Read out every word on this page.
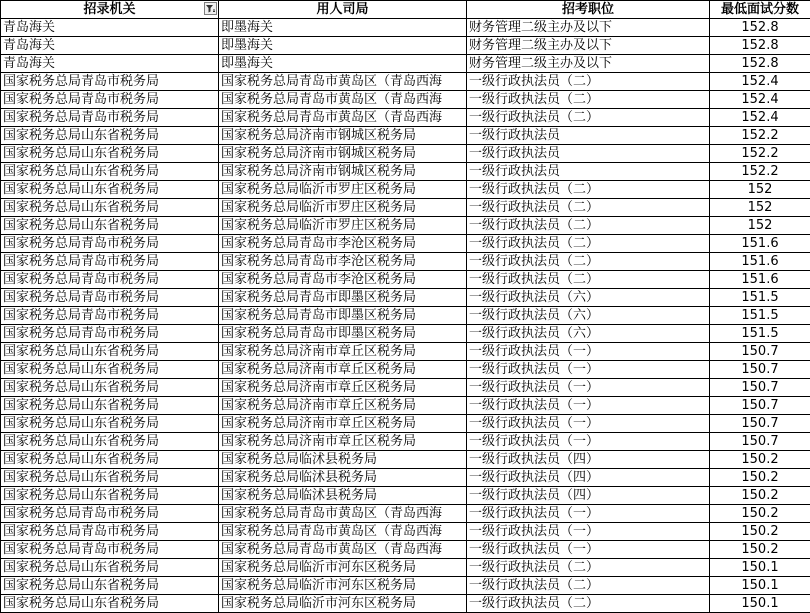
招录机关	用人司局	招考职位	最低面试分数
青岛海关	即墨海关	财务管理二级主办及以下	152.8
青岛海关	即墨海关	财务管理二级主办及以下	152.8
青岛海关	即墨海关	财务管理二级主办及以下	152.8
国家税务总局青岛市税务局	国家税务总局青岛市黄岛区（青岛西海	一级行政执法员（二）	152.4
国家税务总局青岛市税务局	国家税务总局青岛市黄岛区（青岛西海	一级行政执法员（二）	152.4
国家税务总局青岛市税务局	国家税务总局青岛市黄岛区（青岛西海	一级行政执法员（二）	152.4
国家税务总局山东省税务局	国家税务总局济南市钢城区税务局	一级行政执法员	152.2
国家税务总局山东省税务局	国家税务总局济南市钢城区税务局	一级行政执法员	152.2
国家税务总局山东省税务局	国家税务总局济南市钢城区税务局	一级行政执法员	152.2
国家税务总局山东省税务局	国家税务总局临沂市罗庄区税务局	一级行政执法员（二）	152
国家税务总局山东省税务局	国家税务总局临沂市罗庄区税务局	一级行政执法员（二）	152
国家税务总局山东省税务局	国家税务总局临沂市罗庄区税务局	一级行政执法员（二）	152
国家税务总局青岛市税务局	国家税务总局青岛市李沧区税务局	一级行政执法员（二）	151.6
国家税务总局青岛市税务局	国家税务总局青岛市李沧区税务局	一级行政执法员（二）	151.6
国家税务总局青岛市税务局	国家税务总局青岛市李沧区税务局	一级行政执法员（二）	151.6
国家税务总局青岛市税务局	国家税务总局青岛市即墨区税务局	一级行政执法员（六）	151.5
国家税务总局青岛市税务局	国家税务总局青岛市即墨区税务局	一级行政执法员（六）	151.5
国家税务总局青岛市税务局	国家税务总局青岛市即墨区税务局	一级行政执法员（六）	151.5
国家税务总局山东省税务局	国家税务总局济南市章丘区税务局	一级行政执法员（一）	150.7
国家税务总局山东省税务局	国家税务总局济南市章丘区税务局	一级行政执法员（一）	150.7
国家税务总局山东省税务局	国家税务总局济南市章丘区税务局	一级行政执法员（一）	150.7
国家税务总局山东省税务局	国家税务总局济南市章丘区税务局	一级行政执法员（一）	150.7
国家税务总局山东省税务局	国家税务总局济南市章丘区税务局	一级行政执法员（一）	150.7
国家税务总局山东省税务局	国家税务总局济南市章丘区税务局	一级行政执法员（一）	150.7
国家税务总局山东省税务局	国家税务总局临沭县税务局	一级行政执法员（四）	150.2
国家税务总局山东省税务局	国家税务总局临沭县税务局	一级行政执法员（四）	150.2
国家税务总局山东省税务局	国家税务总局临沭县税务局	一级行政执法员（四）	150.2
国家税务总局青岛市税务局	国家税务总局青岛市黄岛区（青岛西海	一级行政执法员（一）	150.2
国家税务总局青岛市税务局	国家税务总局青岛市黄岛区（青岛西海	一级行政执法员（一）	150.2
国家税务总局青岛市税务局	国家税务总局青岛市黄岛区（青岛西海	一级行政执法员（一）	150.2
国家税务总局山东省税务局	国家税务总局临沂市河东区税务局	一级行政执法员（二）	150.1
国家税务总局山东省税务局	国家税务总局临沂市河东区税务局	一级行政执法员（二）	150.1
国家税务总局山东省税务局	国家税务总局临沂市河东区税务局	一级行政执法员（二）	150.1
